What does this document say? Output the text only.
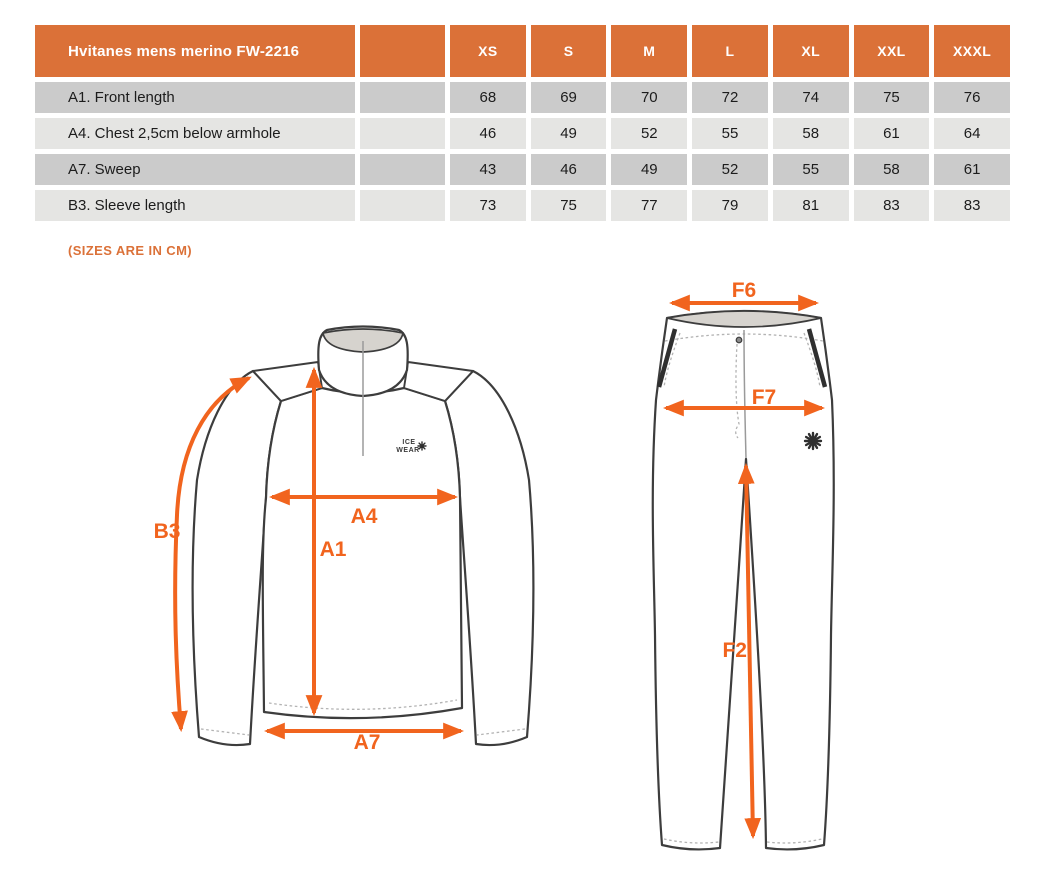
Hvitanes mens merino FW-2216	XS	S	M	L	XL	XXL	XXXL
A1. Front length	68	69	70	72	74	75	76
A4. Chest 2,5cm below armhole	46	49	52	55	58	61	64
A7. Sweep	43	46	49	52	55	58	61
B3. Sleeve length	73	75	77	79	81	83	83
(SIZES ARE IN CM)
ICE
WEAR
B3
A4
A1
A7
F6
F7
F2
